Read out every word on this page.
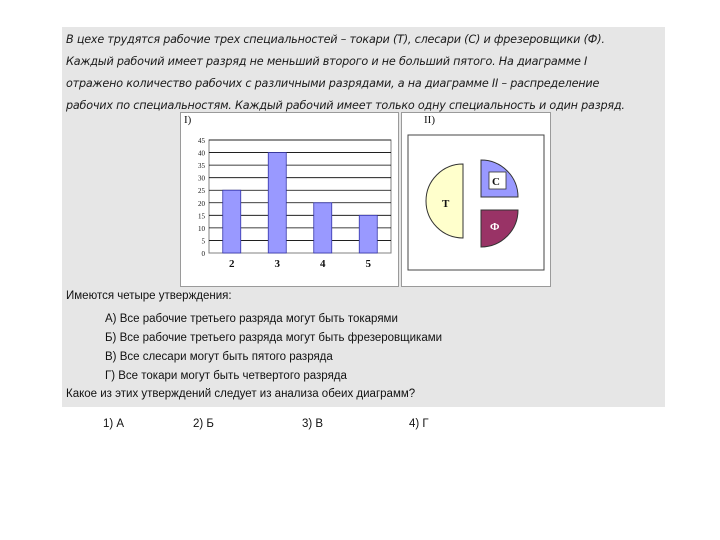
В цехе трудятся рабочие трех специальностей – токари (Т), слесари (С) и фрезеровщики (Ф).
Каждый рабочий имеет разряд не меньший второго и не больший пятого. На диаграмме I
отражено количество рабочих с различными разрядами, а на диаграмме II – распределение
рабочих по специальностям. Каждый рабочий имеет только одну специальность и один разряд.
I)
0
5
10
15
20
25
30
35
40
45
2	3	4	5
II)
Т
С
Ф
Имеются четыре утверждения:
А) Все рабочие третьего разряда могут быть токарями
Б) Все рабочие третьего разряда могут быть фрезеровщиками
В) Все слесари могут быть пятого разряда
Г) Все токари могут быть четвертого разряда
Какое из этих утверждений следует из анализа обеих диаграмм?
1) А	2) Б	3) В	4) Г
